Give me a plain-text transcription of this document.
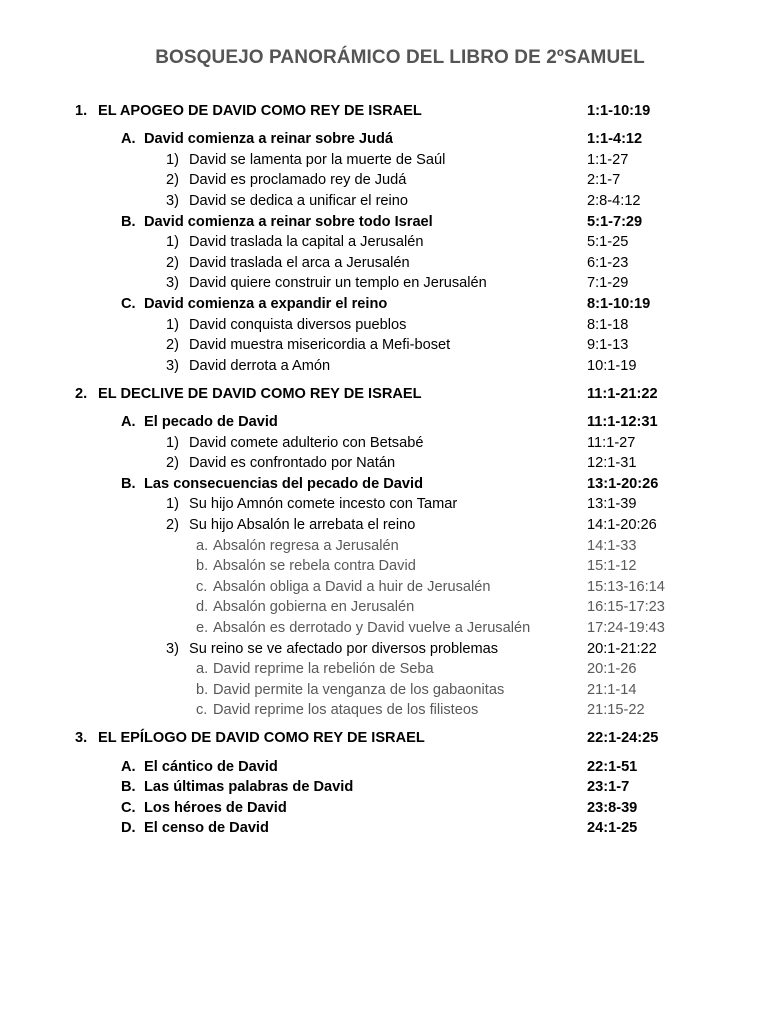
BOSQUEJO PANORÁMICO DEL LIBRO DE 2ºSAMUEL
1. EL APOGEO DE DAVID COMO REY DE ISRAEL	1:1-10:19
A. David comienza a reinar sobre Judá	1:1-4:12
1) David se lamenta por la muerte de Saúl	1:1-27
2) David es proclamado rey de Judá	2:1-7
3) David se dedica a unificar el reino	2:8-4:12
B. David comienza a reinar sobre todo Israel	5:1-7:29
1) David traslada la capital a Jerusalén	5:1-25
2) David traslada el arca a Jerusalén	6:1-23
3) David quiere construir un templo en Jerusalén	7:1-29
C. David comienza a expandir el reino	8:1-10:19
1) David conquista diversos pueblos	8:1-18
2) David muestra misericordia a Mefi-boset	9:1-13
3) David derrota a Amón	10:1-19
2. EL DECLIVE DE DAVID COMO REY DE ISRAEL	11:1-21:22
A. El pecado de David	11:1-12:31
1) David comete adulterio con Betsabé	11:1-27
2) David es confrontado por Natán	12:1-31
B. Las consecuencias del pecado de David	13:1-20:26
1) Su hijo Amnón comete incesto con Tamar	13:1-39
2) Su hijo Absalón le arrebata el reino	14:1-20:26
a. Absalón regresa a Jerusalén	14:1-33
b. Absalón se rebela contra David	15:1-12
c. Absalón obliga a David a huir de Jerusalén	15:13-16:14
d. Absalón gobierna en Jerusalén	16:15-17:23
e. Absalón es derrotado y David vuelve a Jerusalén	17:24-19:43
3) Su reino se ve afectado por diversos problemas	20:1-21:22
a. David reprime la rebelión de Seba	20:1-26
b. David permite la venganza de los gabaonitas	21:1-14
c. David reprime los ataques de los filisteos	21:15-22
3. EL EPÍLOGO DE DAVID COMO REY DE ISRAEL	22:1-24:25
A. El cántico de David	22:1-51
B. Las últimas palabras de David	23:1-7
C. Los héroes de David	23:8-39
D. El censo de David	24:1-25
